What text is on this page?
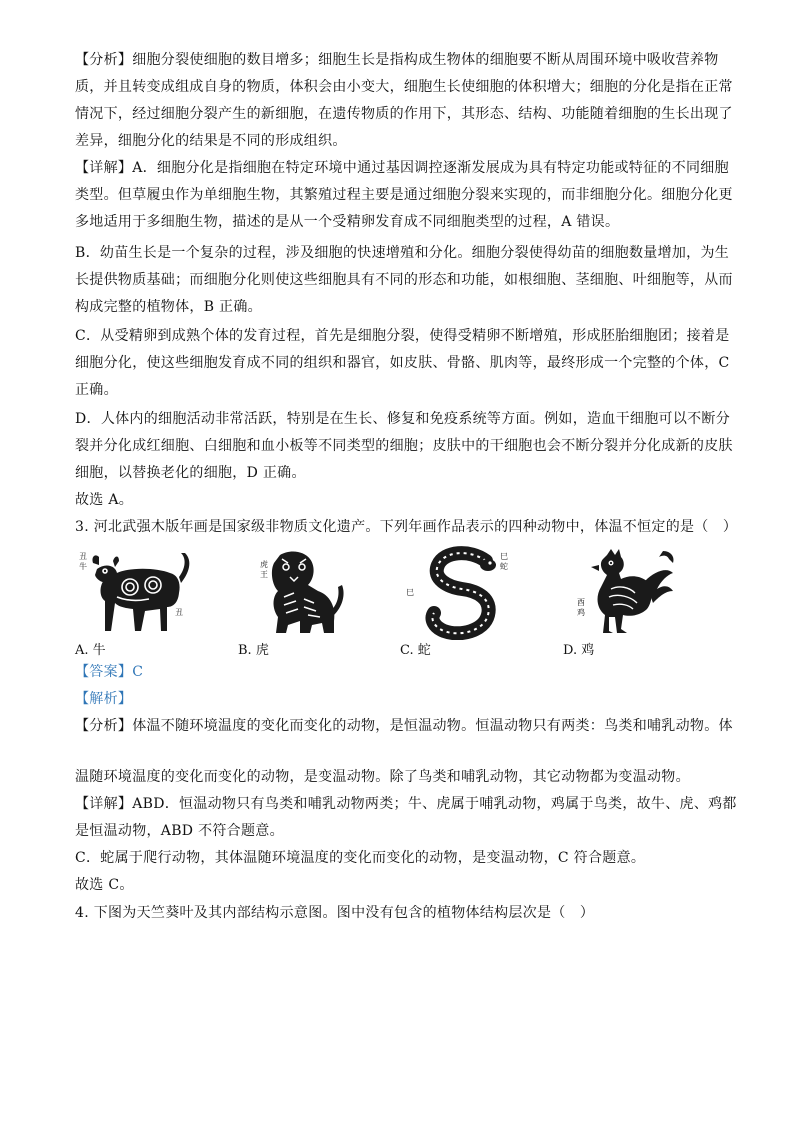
【分析】细胞分裂使细胞的数目增多；细胞生长是指构成生物体的细胞要不断从周围环境中吸收营养物
质，并且转变成组成自身的物质，体积会由小变大，细胞生长使细胞的体积增大；细胞的分化是指在正常
情况下，经过细胞分裂产生的新细胞，在遗传物质的作用下，其形态、结构、功能随着细胞的生长出现了
差异，细胞分化的结果是不同的形成组织。
【详解】A．细胞分化是指细胞在特定环境中通过基因调控逐渐发展成为具有特定功能或特征的不同细胞
类型。但草履虫作为单细胞生物，其繁殖过程主要是通过细胞分裂来实现的，而非细胞分化。细胞分化更
多地适用于多细胞生物，描述的是从一个受精卵发育成不同细胞类型的过程，A 错误。
B．幼苗生长是一个复杂的过程，涉及细胞的快速增殖和分化。细胞分裂使得幼苗的细胞数量增加，为生
长提供物质基础；而细胞分化则使这些细胞具有不同的形态和功能，如根细胞、茎细胞、叶细胞等，从而
构成完整的植物体，B 正确。
C．从受精卵到成熟个体的发育过程，首先是细胞分裂，使得受精卵不断增殖，形成胚胎细胞团；接着是
细胞分化，使这些细胞发育成不同的组织和器官，如皮肤、骨骼、肌肉等，最终形成一个完整的个体，C
正确。
D．人体内的细胞活动非常活跃，特别是在生长、修复和免疫系统等方面。例如，造血干细胞可以不断分
裂并分化成红细胞、白细胞和血小板等不同类型的细胞；皮肤中的干细胞也会不断分裂并分化成新的皮肤
细胞，以替换老化的细胞，D 正确。
故选 A。
3. 河北武强木版年画是国家级非物质文化遗产。下列年画作品表示的四种动物中，体温不恒定的是（　）
丑
牛
丑
A. 牛
虎
王
B. 虎
巳
蛇
巳
C. 蛇
酉
鸡
D. 鸡
【答案】C
【解析】
【分析】体温不随环境温度的变化而变化的动物，是恒温动物。恒温动物只有两类：鸟类和哺乳动物。体
温随环境温度的变化而变化的动物，是变温动物。除了鸟类和哺乳动物，其它动物都为变温动物。
【详解】ABD．恒温动物只有鸟类和哺乳动物两类；牛、虎属于哺乳动物，鸡属于鸟类，故牛、虎、鸡都
是恒温动物，ABD 不符合题意。
C．蛇属于爬行动物，其体温随环境温度的变化而变化的动物，是变温动物，C 符合题意。
故选 C。
4. 下图为天竺葵叶及其内部结构示意图。图中没有包含的植物体结构层次是（　）
